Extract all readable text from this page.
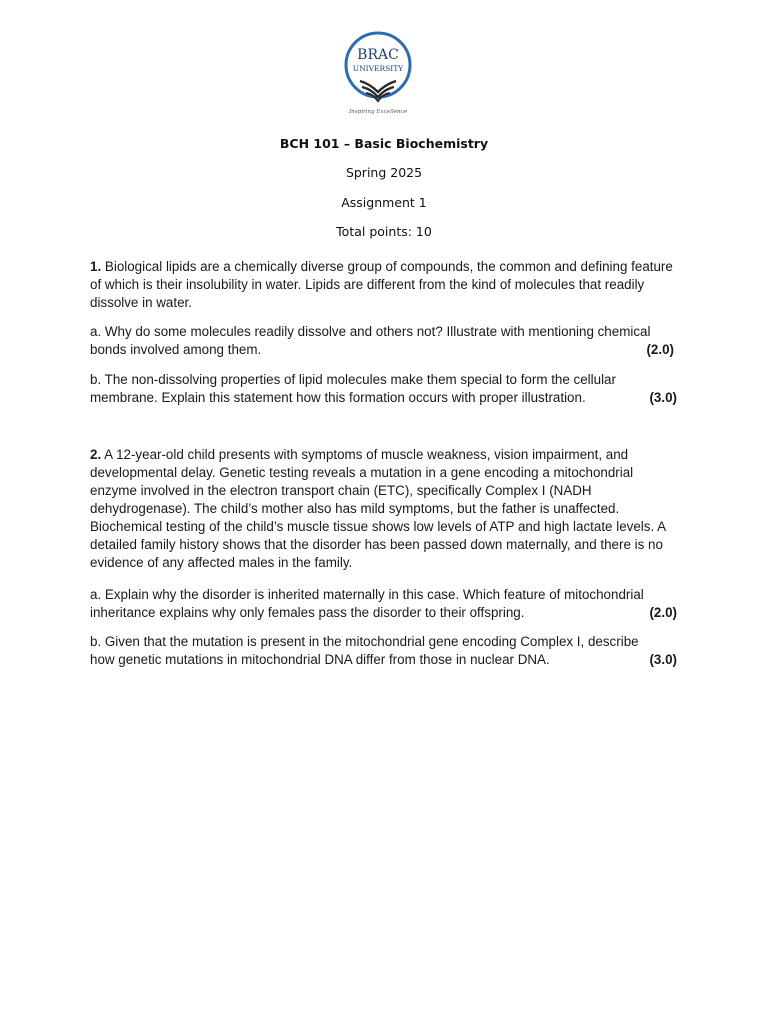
BRAC
UNIVERSITY
Inspiring Excellence
BCH 101 – Basic Biochemistry
Spring 2025
Assignment 1
Total points: 10
1. Biological lipids are a chemically diverse group of compounds, the common and defining feature of which is their insolubility in water. Lipids are different from the kind of molecules that readily dissolve in water.
a. Why do some molecules readily dissolve and others not? Illustrate with mentioning chemical
bonds involved among them.	(2.0)
b. The non-dissolving properties of lipid molecules make them special to form the cellular
membrane. Explain this statement how this formation occurs with proper illustration.	(3.0)
2. A 12-year-old child presents with symptoms of muscle weakness, vision impairment, and developmental delay. Genetic testing reveals a mutation in a gene encoding a mitochondrial enzyme involved in the electron transport chain (ETC), specifically Complex I (NADH dehydrogenase). The child’s mother also has mild symptoms, but the father is unaffected. Biochemical testing of the child’s muscle tissue shows low levels of ATP and high lactate levels. A detailed family history shows that the disorder has been passed down maternally, and there is no evidence of any affected males in the family.
a. Explain why the disorder is inherited maternally in this case. Which feature of mitochondrial
inheritance explains why only females pass the disorder to their offspring.	(2.0)
b. Given that the mutation is present in the mitochondrial gene encoding Complex I, describe
how genetic mutations in mitochondrial DNA differ from those in nuclear DNA.	(3.0)
